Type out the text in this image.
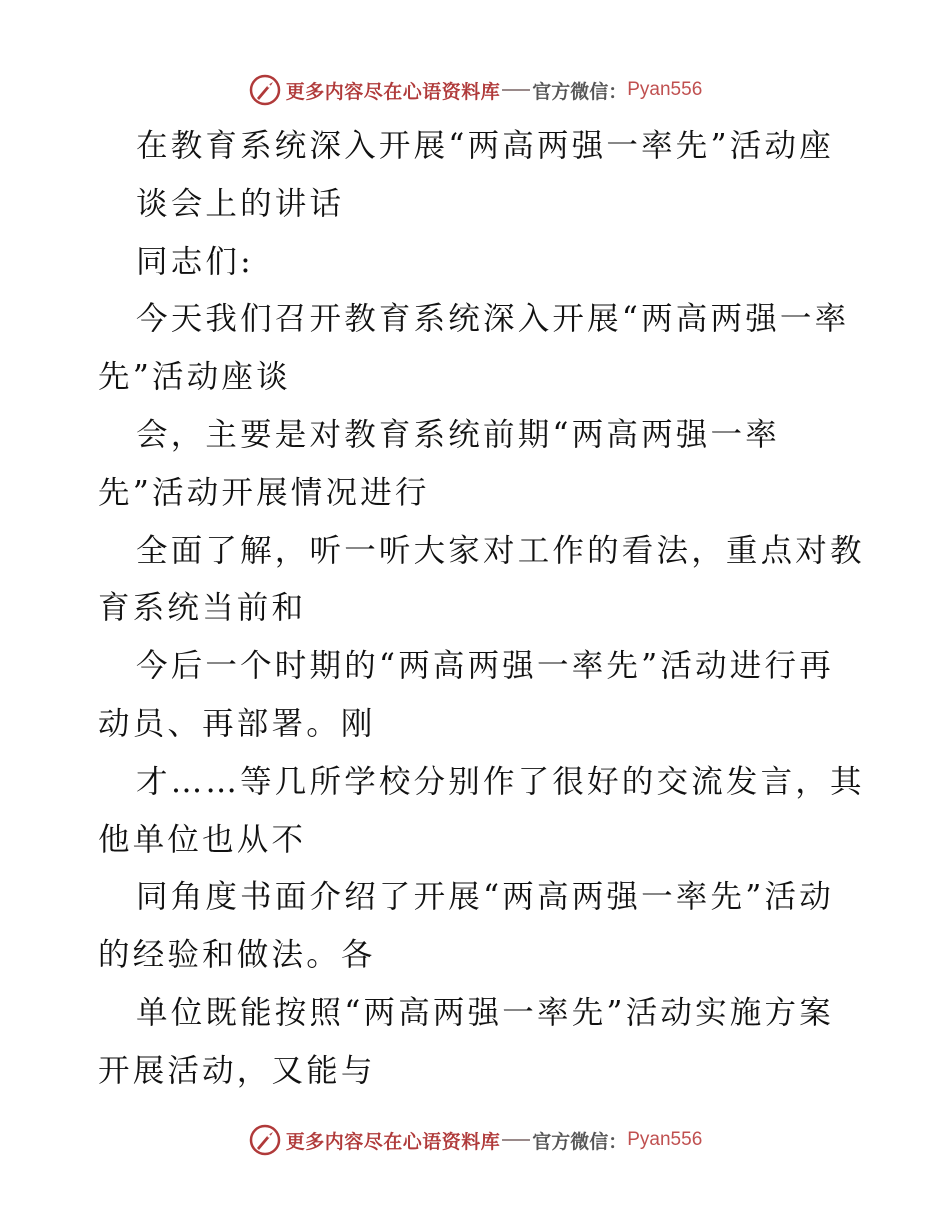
更多内容尽在心语资料库 官方微信： Pyan556
在教育系统深入开展“两高两强一率先”活动座
谈会上的讲话
同志们:
今天我们召开教育系统深入开展“两高两强一率
先”活动座谈
会，主要是对教育系统前期“两高两强一率
先”活动开展情况进行
全面了解，听一听大家对工作的看法，重点对教
育系统当前和
今后一个时期的“两高两强一率先”活动进行再
动员、再部署。刚
才……等几所学校分别作了很好的交流发言，其
他单位也从不
同角度书面介绍了开展“两高两强一率先”活动
的经验和做法。各
单位既能按照“两高两强一率先”活动实施方案
开展活动，又能与
更多内容尽在心语资料库 官方微信： Pyan556
